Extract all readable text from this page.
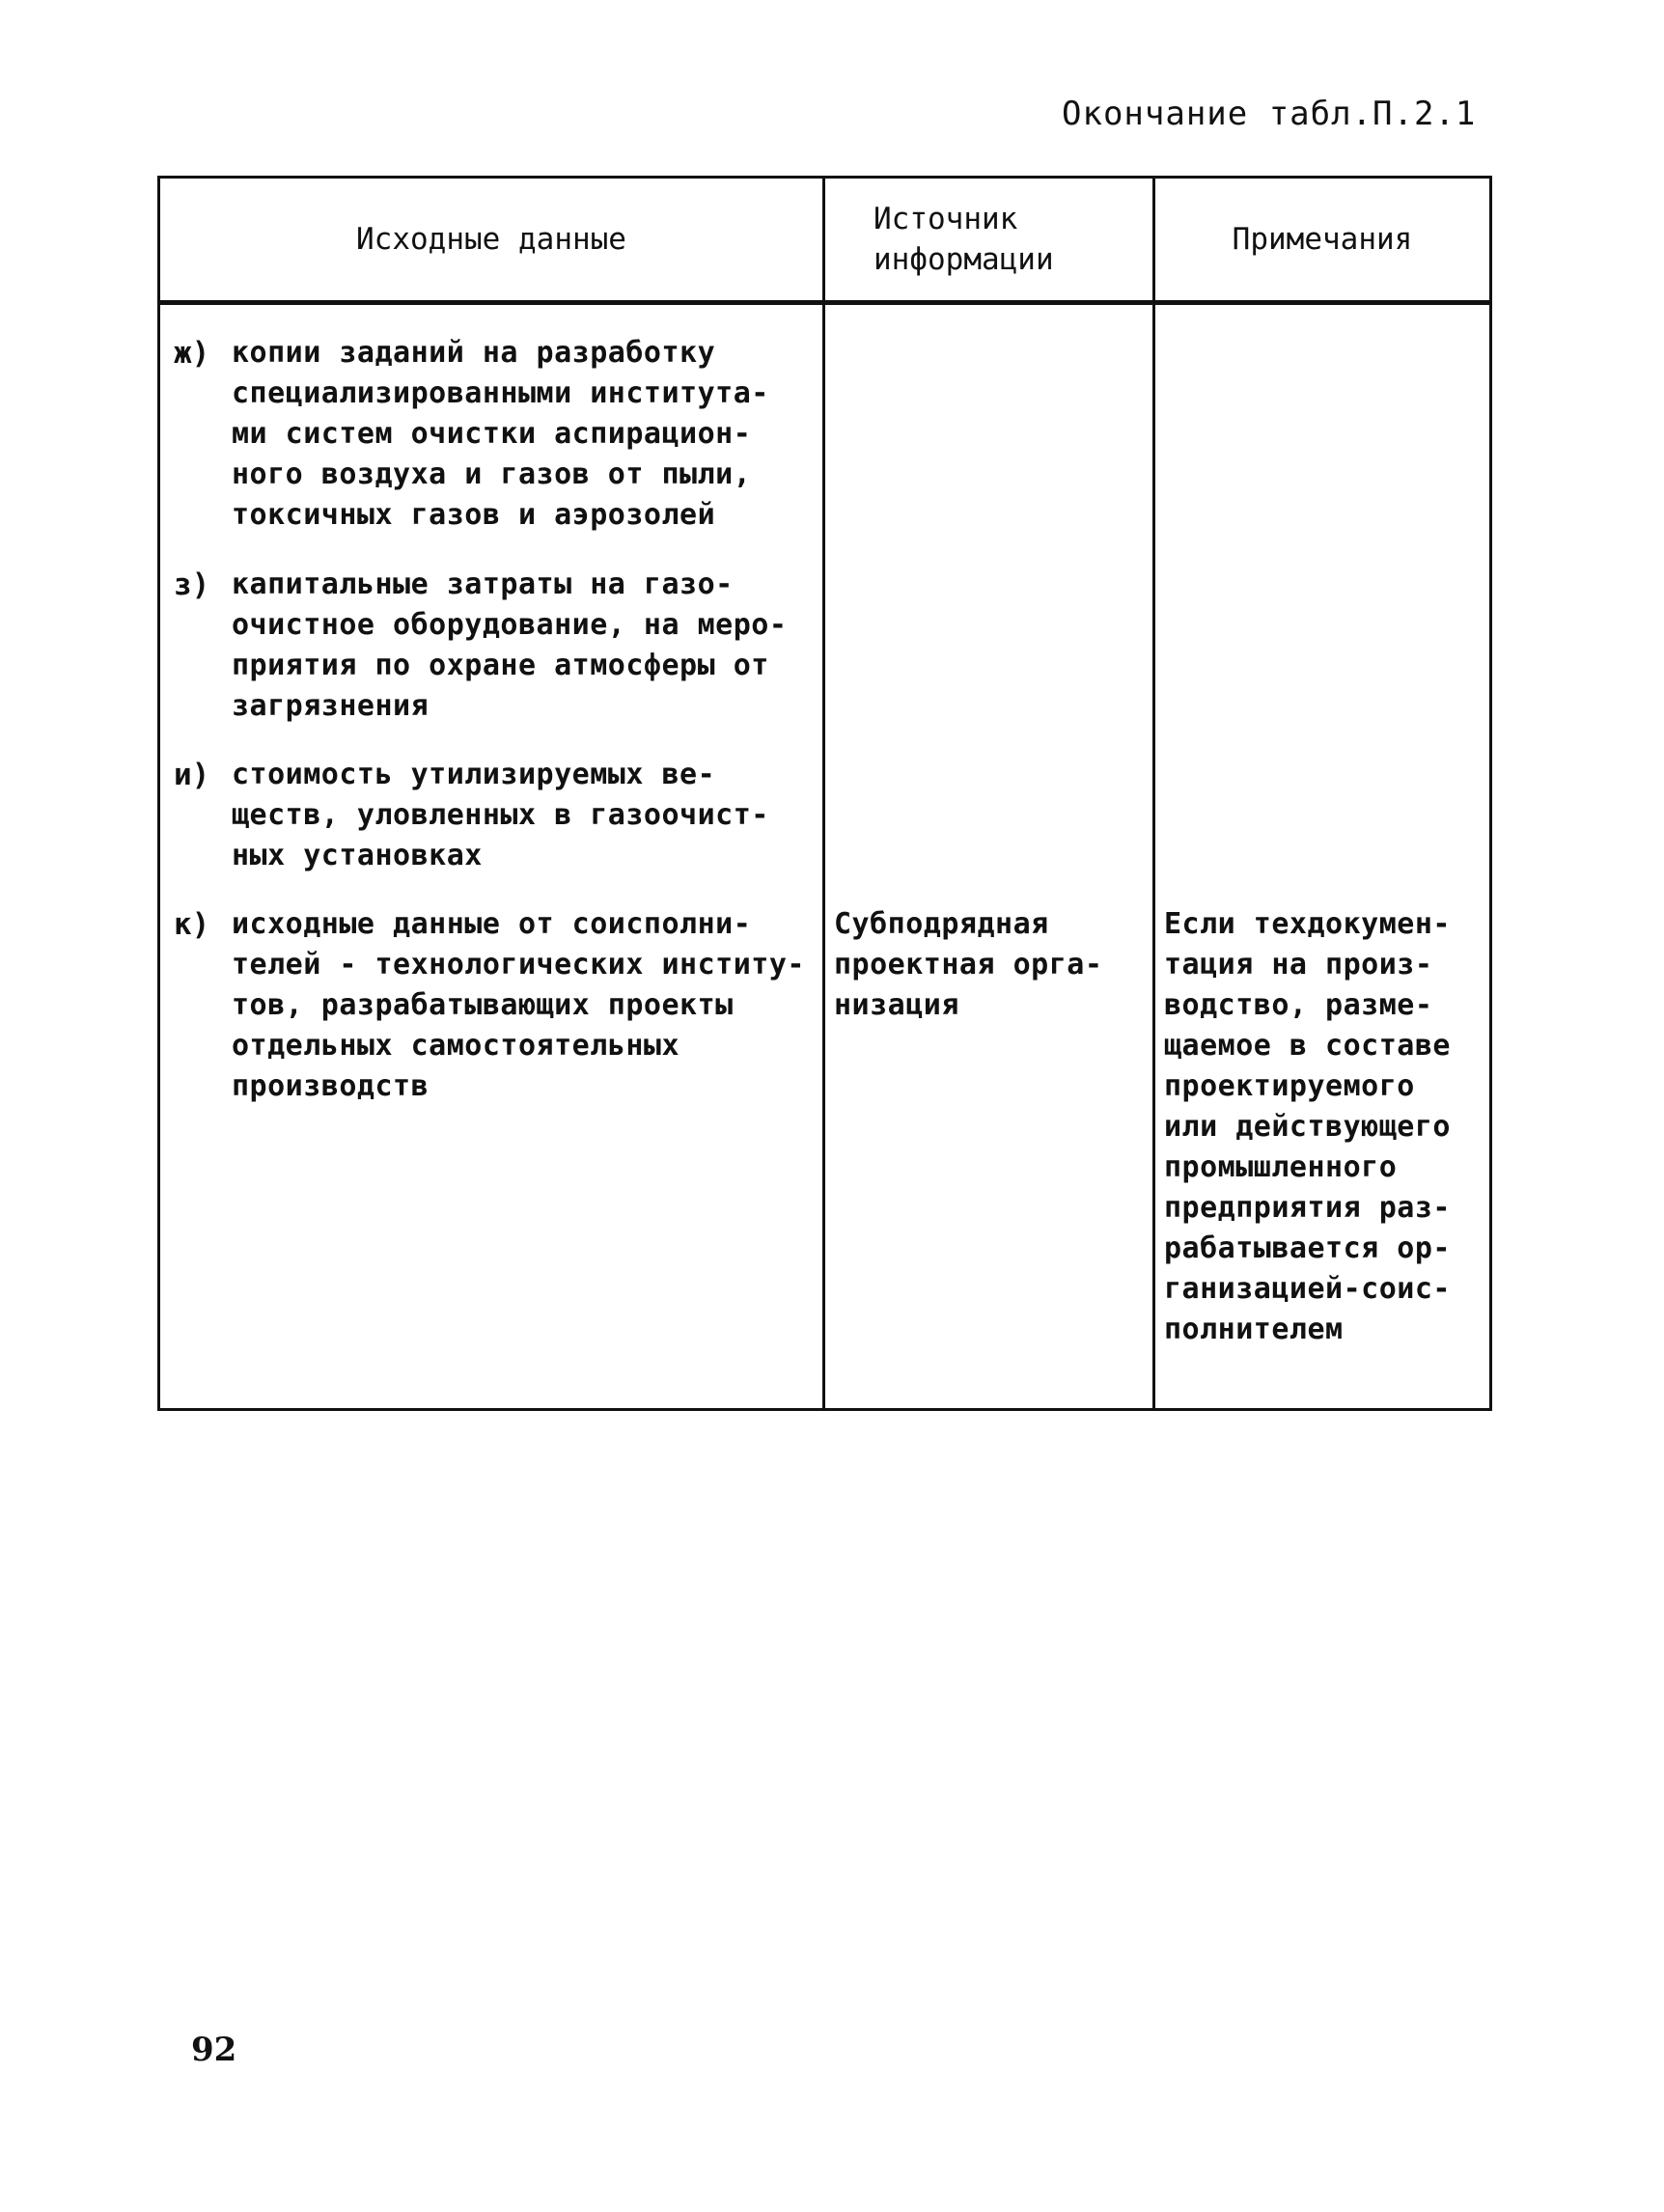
Окончание табл.П.2.1
Исходные данные
Источник
информации
Примечания
ж) копии заданий на разработку
специализированными института-
ми систем очистки аспирацион-
ного воздуха и газов от пыли,
токсичных газов и аэрозолей
з) капитальные затраты на газо-
очистное оборудование, на меро-
приятия по охране атмосферы от
загрязнения
и) стоимость утилизируемых ве-
ществ, уловленных в газоочист-
ных установках
к) исходные данные от соисполни-
телей - технологических институ-
тов, разрабатывающих проекты
отдельных самостоятельных
производств
Субподрядная
проектная орга-
низация
Если техдокумен-
тация на произ-
водство, разме-
щаемое в составе
проектируемого
или действующего
промышленного
предприятия раз-
рабатывается ор-
ганизацией-соис-
полнителем
92
